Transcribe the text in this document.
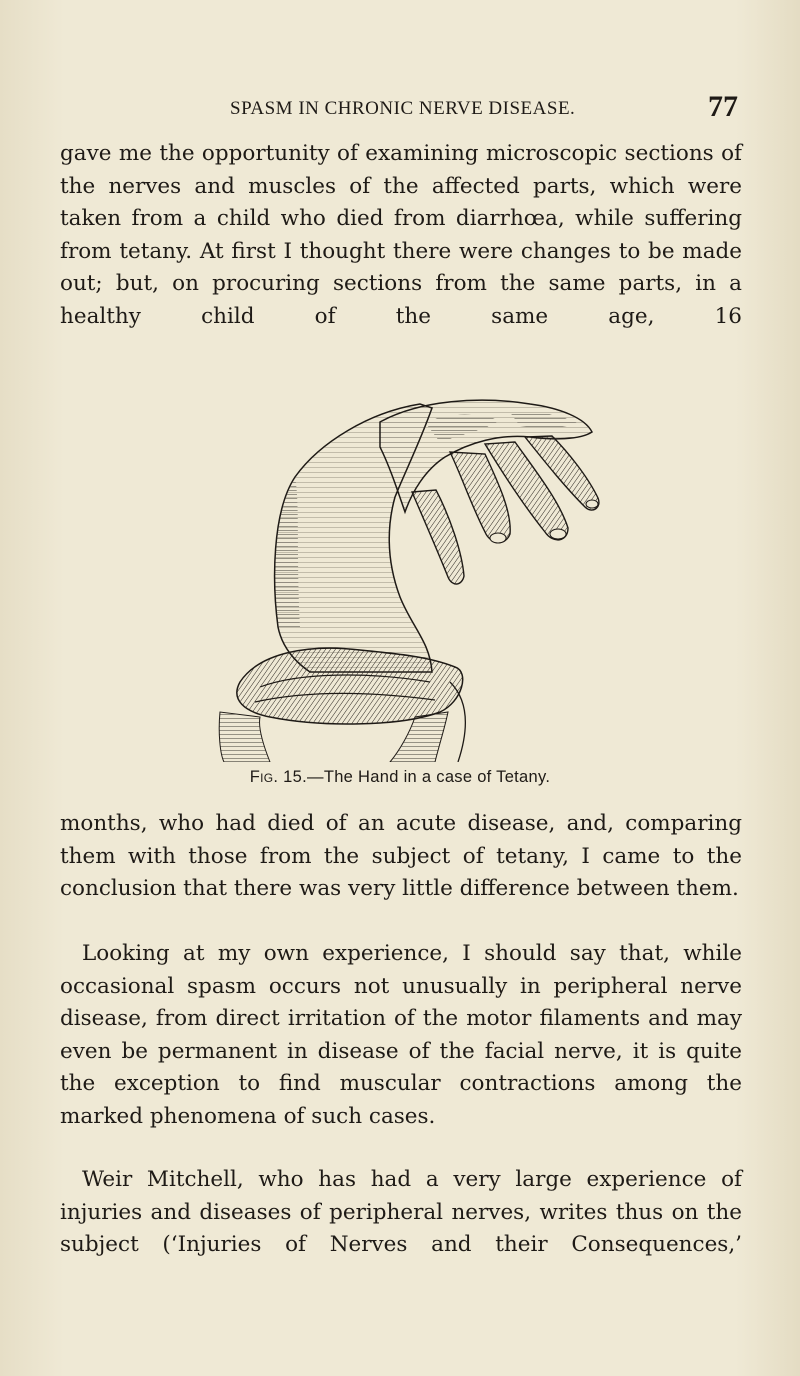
SPASM IN CHRONIC NERVE DISEASE.	77

gave me the opportunity of examining microscopic sections of the nerves and muscles of the affected parts, which were taken from a child who died from diarrhœa, while suffering from tetany. At first I thought there were changes to be made out; but, on procuring sections from the same parts, in a healthy child of the same age, 16

Fig. 15.—The Hand in a case of Tetany.

months, who had died of an acute disease, and, comparing them with those from the subject of tetany, I came to the conclusion that there was very little difference between them.

Looking at my own experience, I should say that, while occasional spasm occurs not unusually in peripheral nerve disease, from direct irritation of the motor filaments and may even be permanent in disease of the facial nerve, it is quite the exception to find muscular contractions among the marked phenomena of such cases.

Weir Mitchell, who has had a very large experience of injuries and diseases of peripheral nerves, writes thus on the subject (‘Injuries of Nerves and their Consequences,’
